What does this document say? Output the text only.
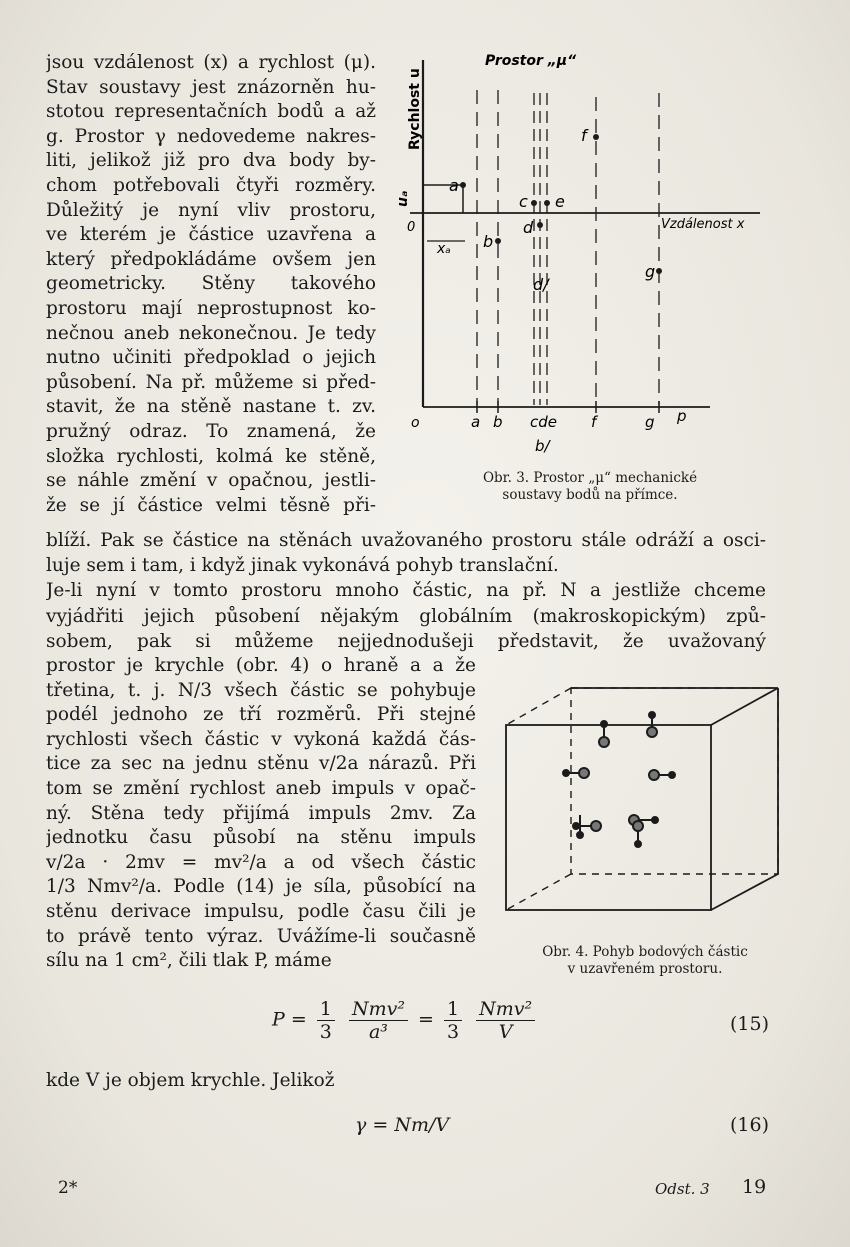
jsou vzdálenost (x) a rychlost (μ).
Stav soustavy jest znázorněn hu-
stotou representačních bodů a až
g. Prostor γ nedovedeme nakres-
liti, jelikož již pro dva body by-
chom potřebovali čtyři rozměry.
Důležitý je nyní vliv prostoru,
ve kterém je částice uzavřena a
který předpokládáme ovšem jen
geometricky. Stěny takového
prostoru mají neprostupnost ko-
nečnou aneb nekonečnou. Je tedy
nutno učiniti předpoklad o jejich
působení. Na př. můžeme si před-
stavit, že na stěně nastane t. zv.
pružný odraz. To znamená, že
složka rychlosti, kolmá ke stěně,
se náhle změní v opačnou, jestli-
že se jí částice velmi těsně při-
blíží. Pak se částice na stěnách uvažovaného prostoru stále odráží a osci-
luje sem i tam, i když jinak vykonává pohyb translační.
Je-li nyní v tomto prostoru mnoho částic, na př. N a jestliže chceme
vyjádřiti jejich působení nějakým globálním (makroskopickým) způ-
sobem, pak si můžeme nejjednodušeji představit, že uvažovaný
prostor je krychle (obr. 4) o hraně a a že
třetina, t. j. N/3 všech částic se pohybuje
podél jednoho ze tří rozměrů. Při stejné
rychlosti všech částic v vykoná každá čás-
tice za sec na jednu stěnu v/2a nárazů. Při
tom se změní rychlost aneb impuls v opač-
ný. Stěna tedy přijímá impuls 2mv. Za
jednotku času působí na stěnu impuls
v/2a · 2mv = mv²/a a od všech částic
1/3 Nmv²/a. Podle (14) je síla, působící na
stěnu derivace impulsu, podle času čili je
to právě tento výraz. Uvážíme-li současně
sílu na 1 cm², čili tlak P, máme
Prostor „μ“
Rychlost u
uₐ
0	Vzdálenost x
xₐ
a
b
c
d
e
f
g
d/
o	a b cde f	g p
b/
Obr. 3. Prostor „μ“ mechanické
soustavy bodů na přímce.
Obr. 4. Pohyb bodových částic
v uzavřeném prostoru.
$P = \frac{1}{3}$
$\frac{\text{Nmv²}}{\text{a³}} = \frac{1}{3}$
$\frac{\text{Nmv²}}{V}$	(15)
kde V je objem krychle. Jelikož
γ = Nm/V	(16)
2*	Odst. 3 19
